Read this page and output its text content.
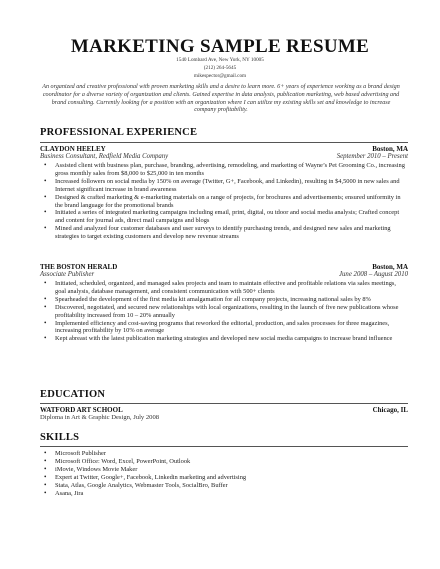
MARKETING SAMPLE RESUME
1540 Lombard Ave, New York, NY 10005
(212) 264-5645
mikespector@gmail.com
An organized and creative professional with proven marketing skills and a desire to learn more. 6+ years of experience working as a brand design coordinator for a diverse variety of organization and clients. Gained expertise in data analysis, publication marketing, web based advertising and brand consulting. Currently looking for a position with an organization where I can utilize my existing skills set and knowledge to increase company profitability.
PROFESSIONAL EXPERIENCE
CLAYDON HEELEY	Boston, MA
Business Consultant, Redfield Media Company	September 2010 – Present
• Assisted client with business plan, purchase, branding, advertising, remodeling, and marketing of Wayne’s Pet Grooming Co., increasing gross monthly sales from $8,000 to $25,000 in ten months
• Increased followers on social media by 150% on average (Twitter, G+, Facebook, and Linkedin), resulting in $4,5000 in new sales and Internet significant increase in brand awareness
• Designed & crafted marketing & e-marketing materials on a range of projects, for brochures and advertisements; ensured uniformity in the brand language for the promotional brands
• Initiated a series of integrated marketing campaigns including email, print, digital, ou tdoor and social media analysis; Crafted concept and content for journal ads, direct mail campaigns and blogs
• Mined and analyzed four customer databases and user surveys to identify purchasing trends, and designed new sales and marketing strategies to target existing customers and develop new revenue streams
THE BOSTON HERALD	Boston, MA
Associate Publisher	June 2008 – August 2010
• Initiated, scheduled, organized, and managed sales projects and team to maintain effective and profitable relations via sales meetings, goal analysis, database management, and consistent communication with 500+ clients
• Spearheaded the development of the first media kit amalgamation for all company projects, increasing national sales by 8%
• Discovered, negotiated, and secured new relationships with local organizations, resulting in the launch of five new publications whose profitability increased from 10 – 20% annually
• Implemented efficiency and cost-saving programs that reworked the editorial, production, and sales processes for three magazines, increasing profitability by 10% on average
• Kept abreast with the latest publication marketing strategies and developed new social media campaigns to increase brand influence
EDUCATION
WATFORD ART SCHOOL	Chicago, IL
Diploma in Art & Graphic Design, July 2008
SKILLS
• Microsoft Publisher
• Microsoft Office: Word, Excel, PowerPoint, Outlook
• iMovie, Windows Movie Maker
• Expert at Twitter, Google+, Facebook, Linkedin marketing and advertising
• Stata, Atlas, Google Analytics, Webmaster Tools, SocialBro, Buffer
• Asana, Jira
